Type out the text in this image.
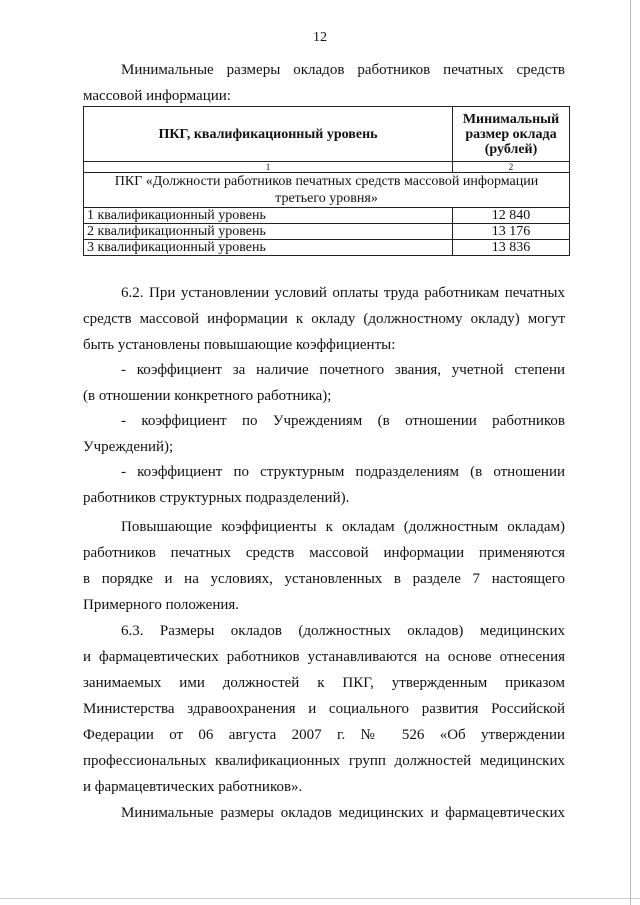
12
Минимальные размеры окладов работников печатных средств
массовой информации:
ПКГ, квалификационный уровень	Минимальный
размер оклада
(рублей)

1	2

ПКГ «Должности работников печатных средств массовой информации
третьего уровня»	

1 квалификационный уровень	12 840
2 квалификационный уровень	13 176
3 квалификационный уровень	13 836
6.2. При установлении условий оплаты труда работникам печатных
средств массовой информации к окладу (должностному окладу) могут
быть установлены повышающие коэффициенты:
- коэффициент за наличие почетного звания, учетной степени
(в отношении конкретного работника);
- коэффициент по Учреждениям (в отношении работников
Учреждений);
- коэффициент по структурным подразделениям (в отношении
работников структурных подразделений).
Повышающие коэффициенты к окладам (должностным окладам)
работников печатных средств массовой информации применяются
в порядке и на условиях, установленных в разделе 7 настоящего
Примерного положения.
6.3. Размеры окладов (должностных окладов) медицинских
и фармацевтических работников устанавливаются на основе отнесения
занимаемых ими должностей к ПКГ, утвержденным приказом
Министерства здравоохранения и социального развития Российской
Федерации от 06 августа 2007 г. № 526 «Об утверждении
профессиональных квалификационных групп должностей медицинских
и фармацевтических работников».
Минимальные размеры окладов медицинских и фармацевтических
